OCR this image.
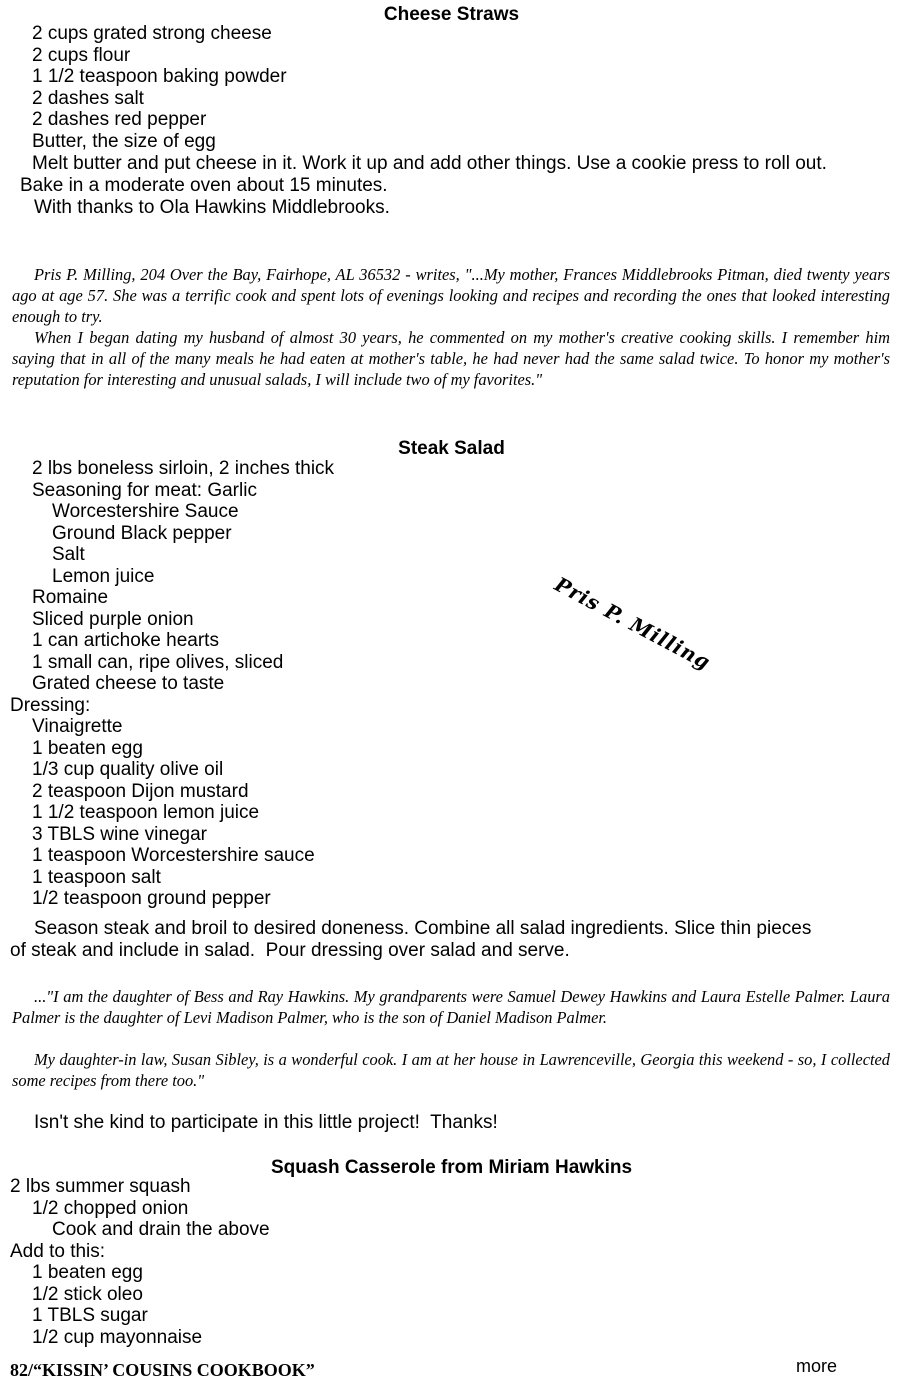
Cheese Straws
2 cups grated strong cheese
2 cups flour
1 1/2 teaspoon baking powder
2 dashes salt
2 dashes red pepper
Butter, the size of egg
Melt butter and put cheese in it. Work it up and add other things. Use a cookie press to roll out.
Bake in a moderate oven about 15 minutes.
With thanks to Ola Hawkins Middlebrooks.
Pris P. Milling, 204 Over the Bay, Fairhope, AL 36532 - writes, "...My mother, Frances Middlebrooks Pitman, died twenty years ago at age 57. She was a terrific cook and spent lots of evenings looking and recipes and recording the ones that looked interesting enough to try.
When I began dating my husband of almost 30 years, he commented on my mother's creative cooking skills. I remember him saying that in all of the many meals he had eaten at mother's table, he had never had the same salad twice. To honor my mother's reputation for interesting and unusual salads, I will include two of my favorites."
Steak Salad
2 lbs boneless sirloin, 2 inches thick
Seasoning for meat: Garlic
Worcestershire Sauce
Ground Black pepper
Salt
Lemon juice
Romaine
Sliced purple onion
1 can artichoke hearts
1 small can, ripe olives, sliced
Grated cheese to taste
Dressing:
Vinaigrette
1 beaten egg
1/3 cup quality olive oil
2 teaspoon Dijon mustard
1 1/2 teaspoon lemon juice
3 TBLS wine vinegar
1 teaspoon Worcestershire sauce
1 teaspoon salt
1/2 teaspoon ground pepper
Pris P. Milling
Season steak and broil to desired doneness. Combine all salad ingredients. Slice thin pieces
of steak and include in salad.  Pour dressing over salad and serve.
..."I am the daughter of Bess and Ray Hawkins. My grandparents were Samuel Dewey Hawkins and Laura Estelle Palmer. Laura Palmer is the daughter of Levi Madison Palmer, who is the son of Daniel Madison Palmer.
My daughter-in law, Susan Sibley, is a wonderful cook. I am at her house in Lawrenceville, Georgia this weekend - so, I collected some recipes from there too."
Isn't she kind to participate in this little project!  Thanks!
Squash Casserole from Miriam Hawkins
2 lbs summer squash
1/2 chopped onion
Cook and drain the above
Add to this:
1 beaten egg
1/2 stick oleo
1 TBLS sugar
1/2 cup mayonnaise
82/“KISSIN’ COUSINS COOKBOOK”	more
